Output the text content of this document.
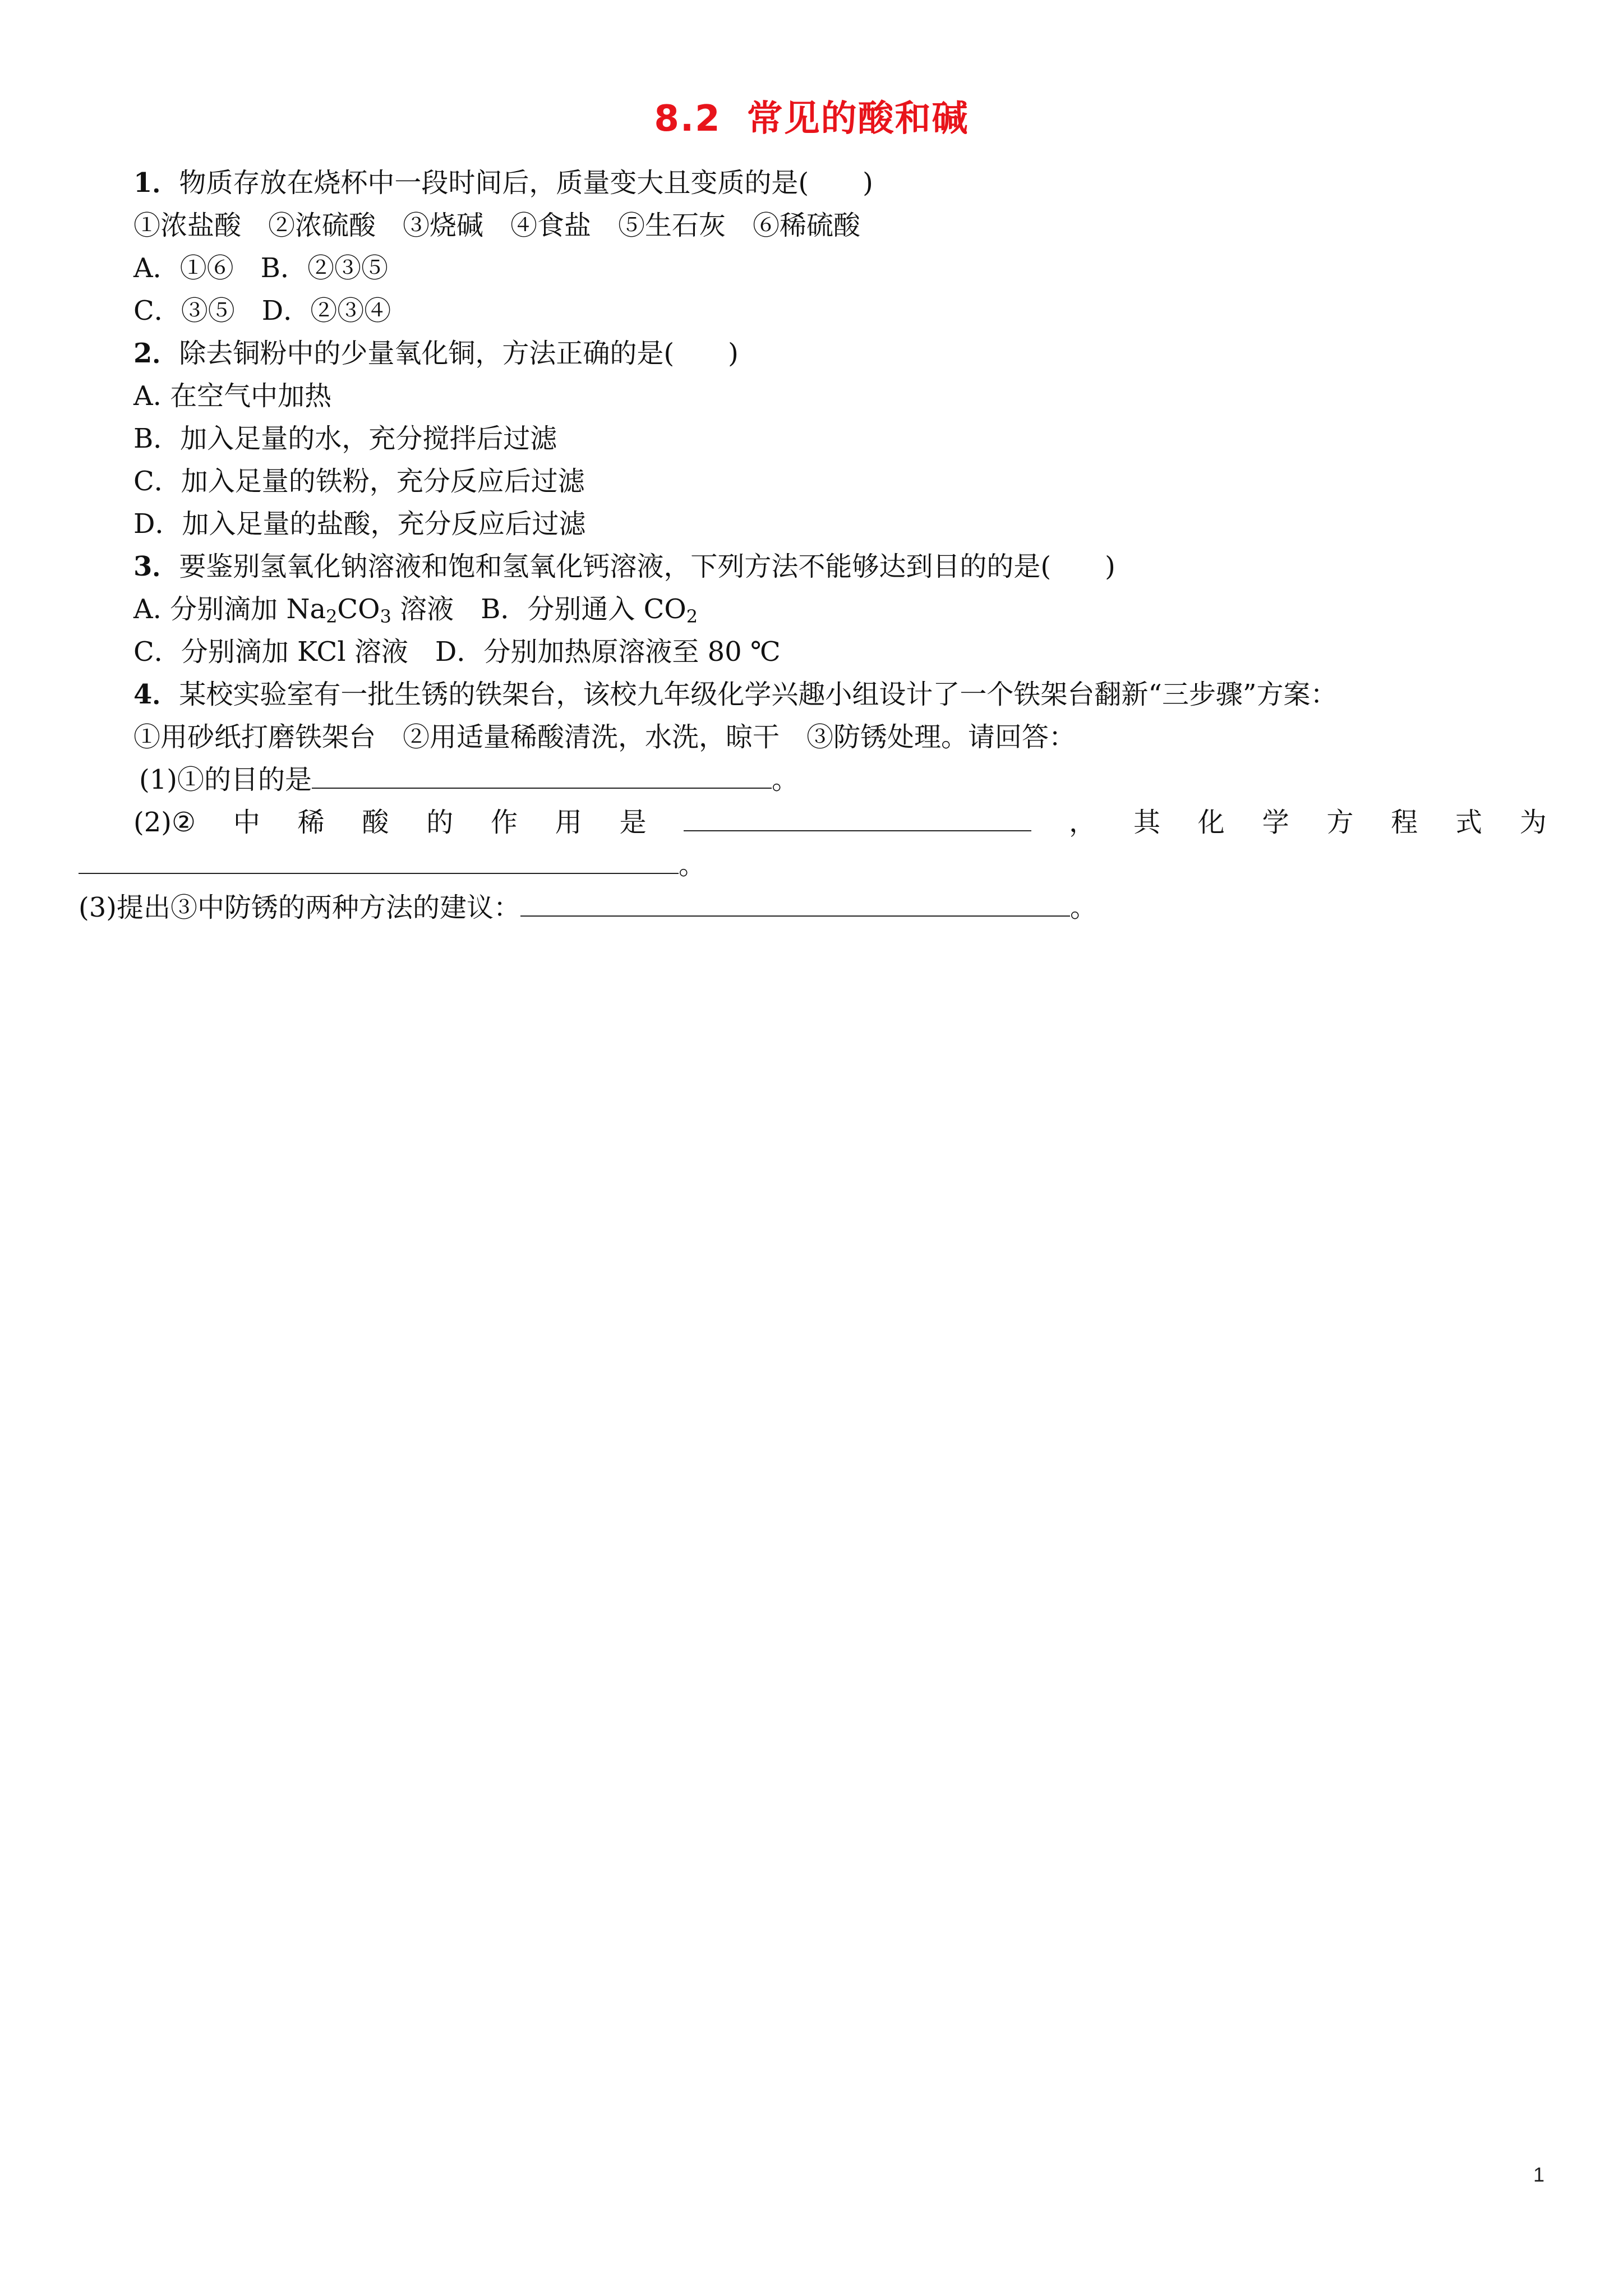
8.2 常见的酸和碱
1．物质存放在烧杯中一段时间后，质量变大且变质的是(　　)
①浓盐酸　②浓硫酸　③烧碱　④食盐　⑤生石灰　⑥稀硫酸
A．①⑥　B．②③⑤
C．③⑤　D．②③④
2．除去铜粉中的少量氧化铜，方法正确的是(　　)
A. 在空气中加热
B．加入足量的水，充分搅拌后过滤
C．加入足量的铁粉，充分反应后过滤
D．加入足量的盐酸，充分反应后过滤
3．要鉴别氢氧化钠溶液和饱和氢氧化钙溶液，下列方法不能够达到目的的是(　　)
A. 分别滴加 $Na_2CO_3$ 溶液　B．分别通入 $CO_2$
C．分别滴加 KCl 溶液　D．分别加热原溶液至 80 ℃
4．某校实验室有一批生锈的铁架台，该校九年级化学兴趣小组设计了一个铁架台翻新“三步骤”方案：
①用砂纸打磨铁架台　②用适量稀酸清洗，水洗，晾干　③防锈处理。请回答：
(1)①的目的是	。
(2)② 中 稀 酸 的 作 用 是	， 其 化 学 方 程 式 为
。
(3)提出③中防锈的两种方法的建议：	。
1
